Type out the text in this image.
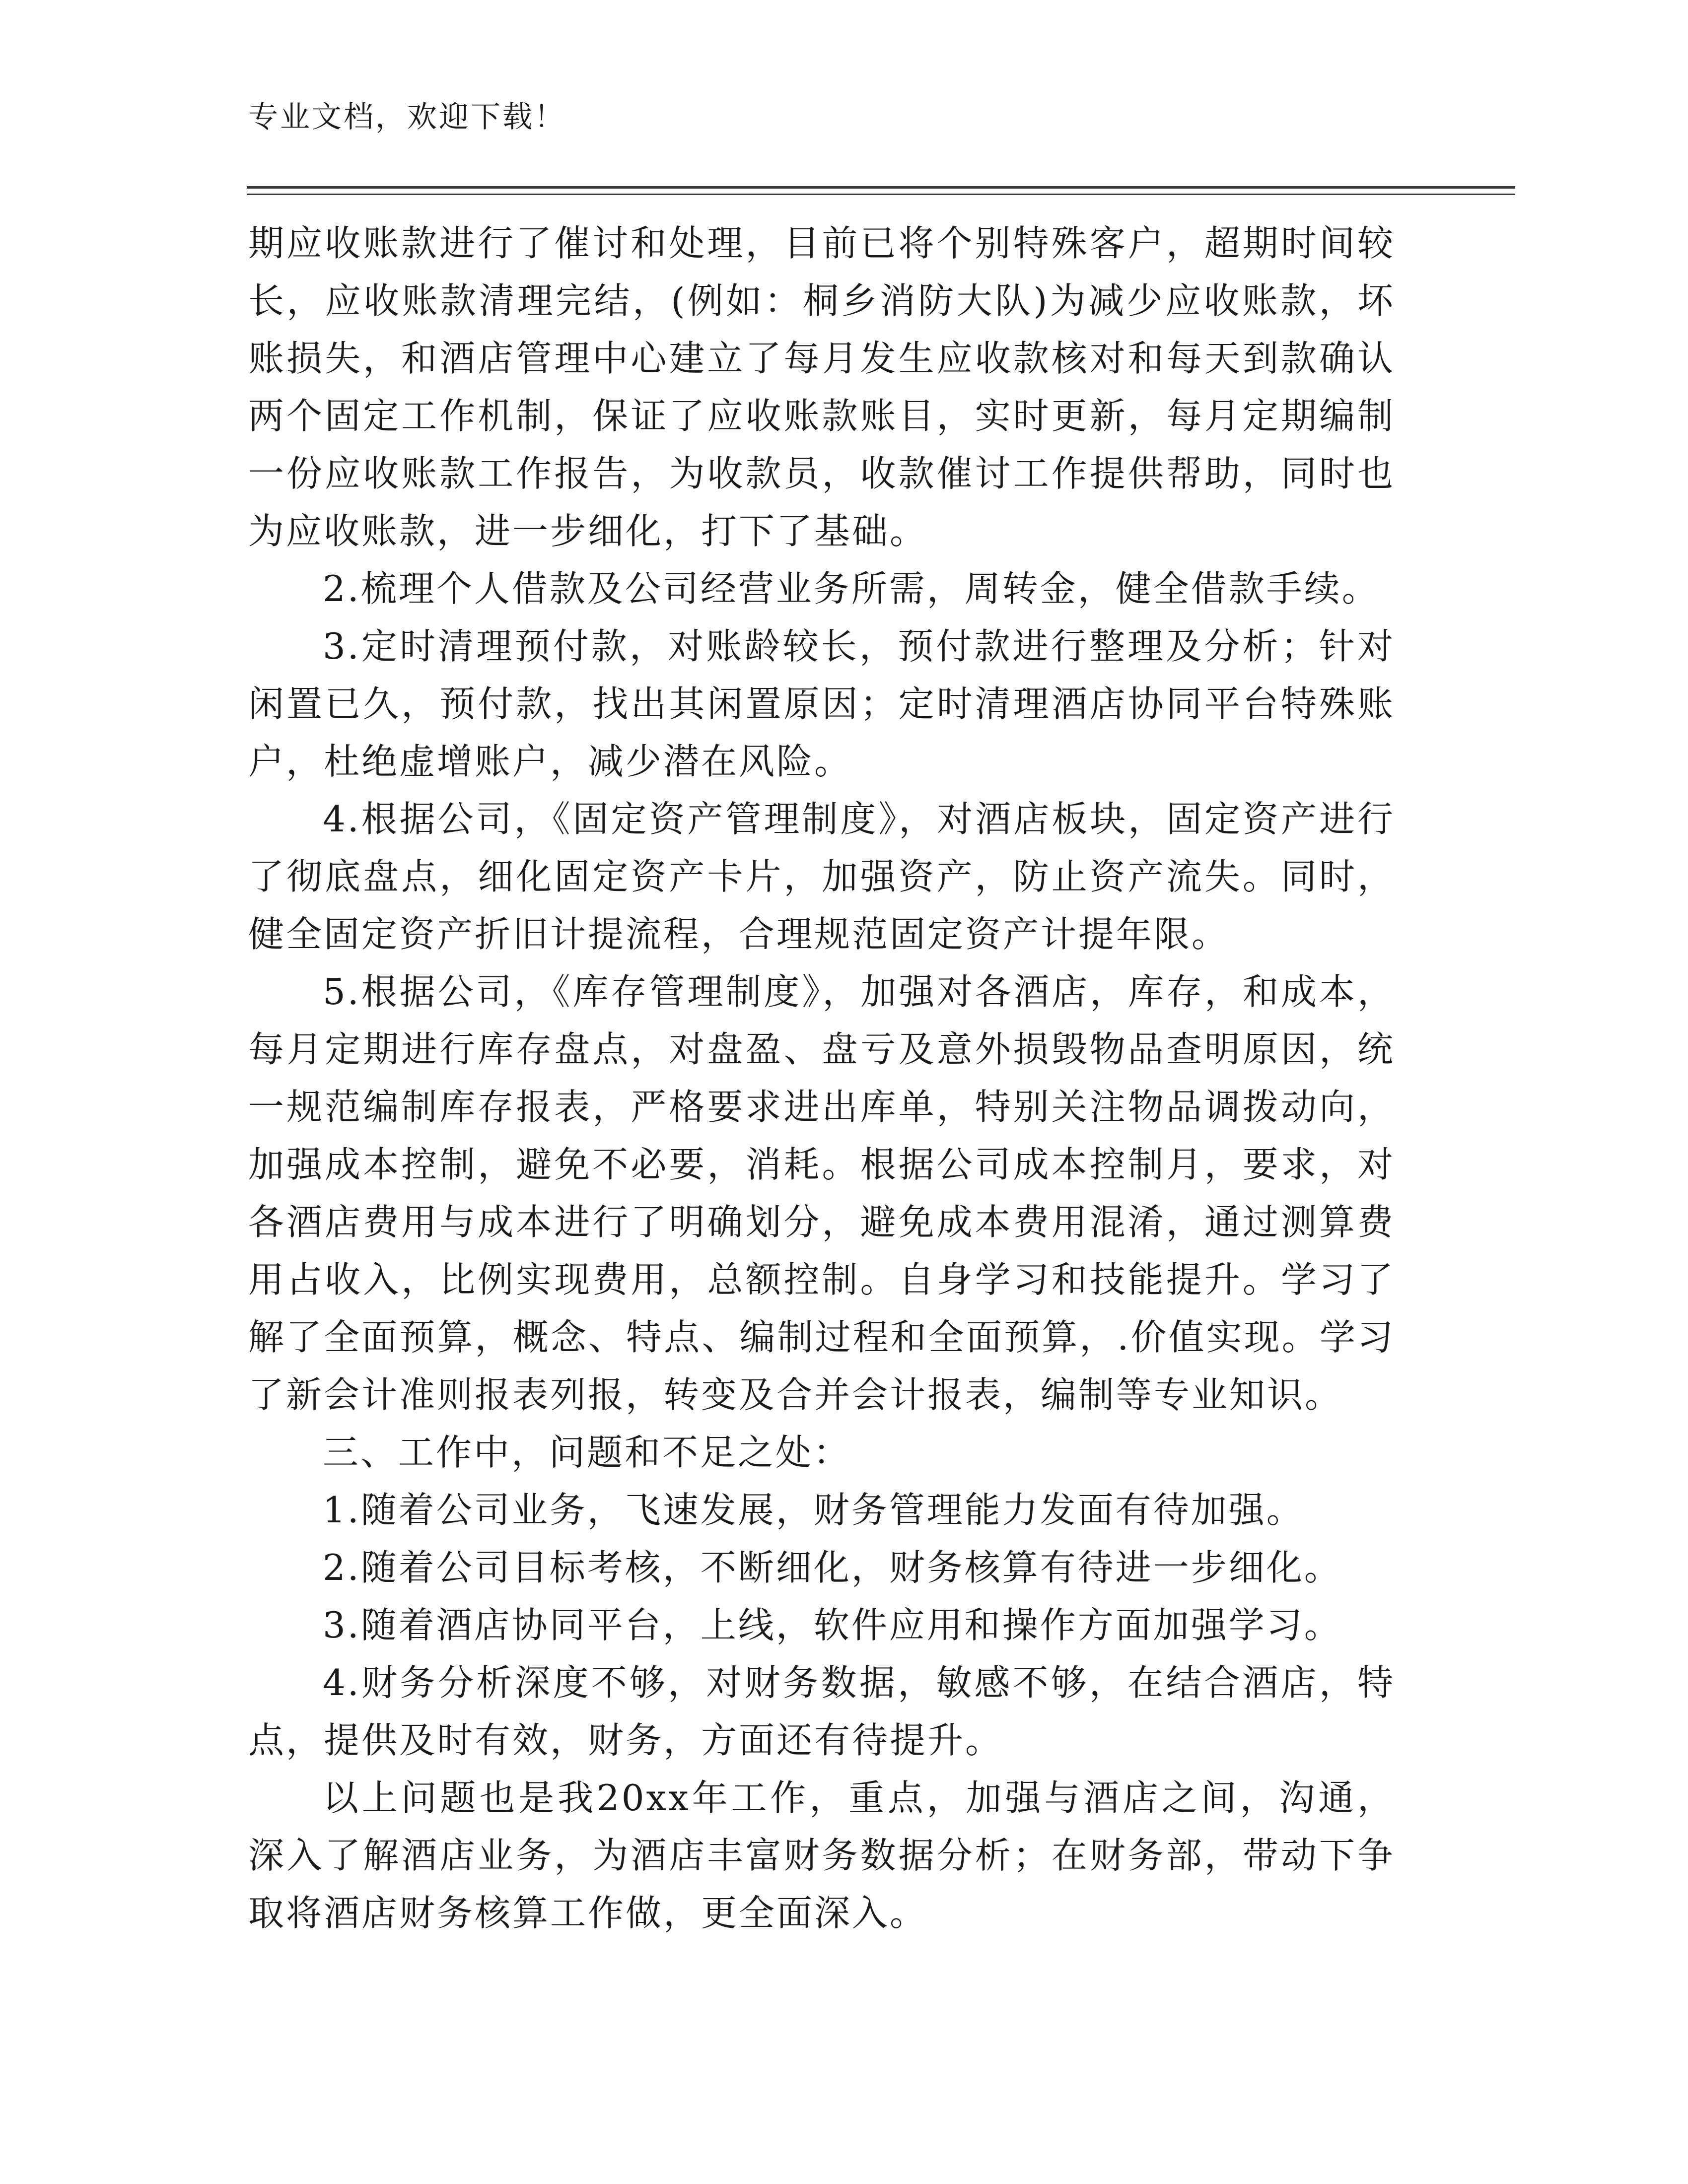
专业文档，欢迎下载！

期应收账款进行了催讨和处理，目前已将个别特殊客户，超期时间较长，应收账款清理完结，(例如：桐乡消防大队)为减少应收账款，坏账损失，和酒店管理中心建立了每月发生应收款核对和每天到款确认两个固定工作机制，保证了应收账款账目，实时更新，每月定期编制一份应收账款工作报告，为收款员，收款催讨工作提供帮助，同时也为应收账款，进一步细化，打下了基础。

2.梳理个人借款及公司经营业务所需，周转金，健全借款手续。

3.定时清理预付款，对账龄较长，预付款进行整理及分析；针对闲置已久，预付款，找出其闲置原因；定时清理酒店协同平台特殊账户，杜绝虚增账户，减少潜在风险。

4.根据公司，《固定资产管理制度》，对酒店板块，固定资产进行了彻底盘点，细化固定资产卡片，加强资产，防止资产流失。同时，健全固定资产折旧计提流程，合理规范固定资产计提年限。

5.根据公司，《库存管理制度》，加强对各酒店，库存，和成本，每月定期进行库存盘点，对盘盈、盘亏及意外损毁物品查明原因，统一规范编制库存报表，严格要求进出库单，特别关注物品调拨动向，加强成本控制，避免不必要，消耗。根据公司成本控制月，要求，对各酒店费用与成本进行了明确划分，避免成本费用混淆，通过测算费用占收入，比例实现费用，总额控制。自身学习和技能提升。学习了解了全面预算，概念、特点、编制过程和全面预算，.价值实现。学习了新会计准则报表列报，转变及合并会计报表，编制等专业知识。

三、工作中，问题和不足之处：

1.随着公司业务，飞速发展，财务管理能力发面有待加强。

2.随着公司目标考核，不断细化，财务核算有待进一步细化。

3.随着酒店协同平台，上线，软件应用和操作方面加强学习。

4.财务分析深度不够，对财务数据，敏感不够，在结合酒店，特点，提供及时有效，财务，方面还有待提升。

以上问题也是我20xx年工作，重点，加强与酒店之间，沟通，深入了解酒店业务，为酒店丰富财务数据分析；在财务部，带动下争取将酒店财务核算工作做，更全面深入。
